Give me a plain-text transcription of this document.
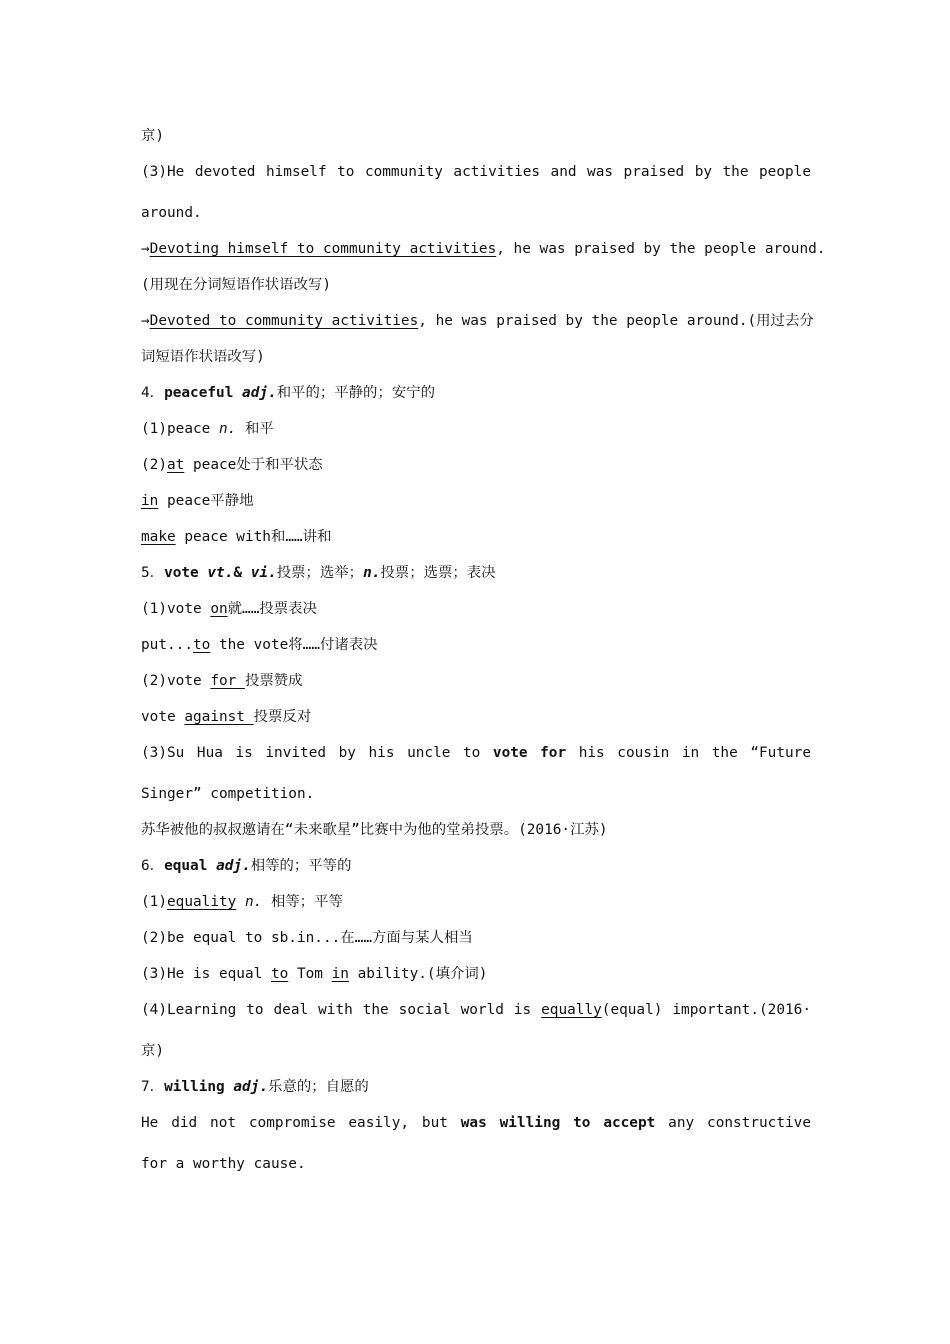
京)
(3)He devoted himself to community activities and was praised by the people
around.
→Devoting himself to community activities, he was praised by the people around.
(用现在分词短语作状语改写)
→Devoted to community activities, he was praised by the people around.(用过去分
词短语作状语改写)
4．peaceful adj.和平的；平静的；安宁的
(1)peace n. 和平
(2)at peace处于和平状态
in peace平静地
make peace with和……讲和
5．vote vt.& vi.投票；选举；n.投票；选票；表决
(1)vote on就……投票表决
put...to the vote将……付诸表决
(2)vote for 投票赞成
vote against 投票反对
(3)Su Hua is invited by his uncle to vote for his cousin in the “Future
Singer” competition.
苏华被他的叔叔邀请在“未来歌星”比赛中为他的堂弟投票。(2016·江苏)
6．equal adj.相等的；平等的
(1)equality n. 相等；平等
(2)be equal to sb.in...在……方面与某人相当
(3)He is equal to Tom in ability.(填介词)
(4)Learning to deal with the social world is equally(equal) important.(2016·
京)
7．willing adj.乐意的；自愿的
He did not compromise easily, but was willing to accept any constructive
for a worthy cause.
